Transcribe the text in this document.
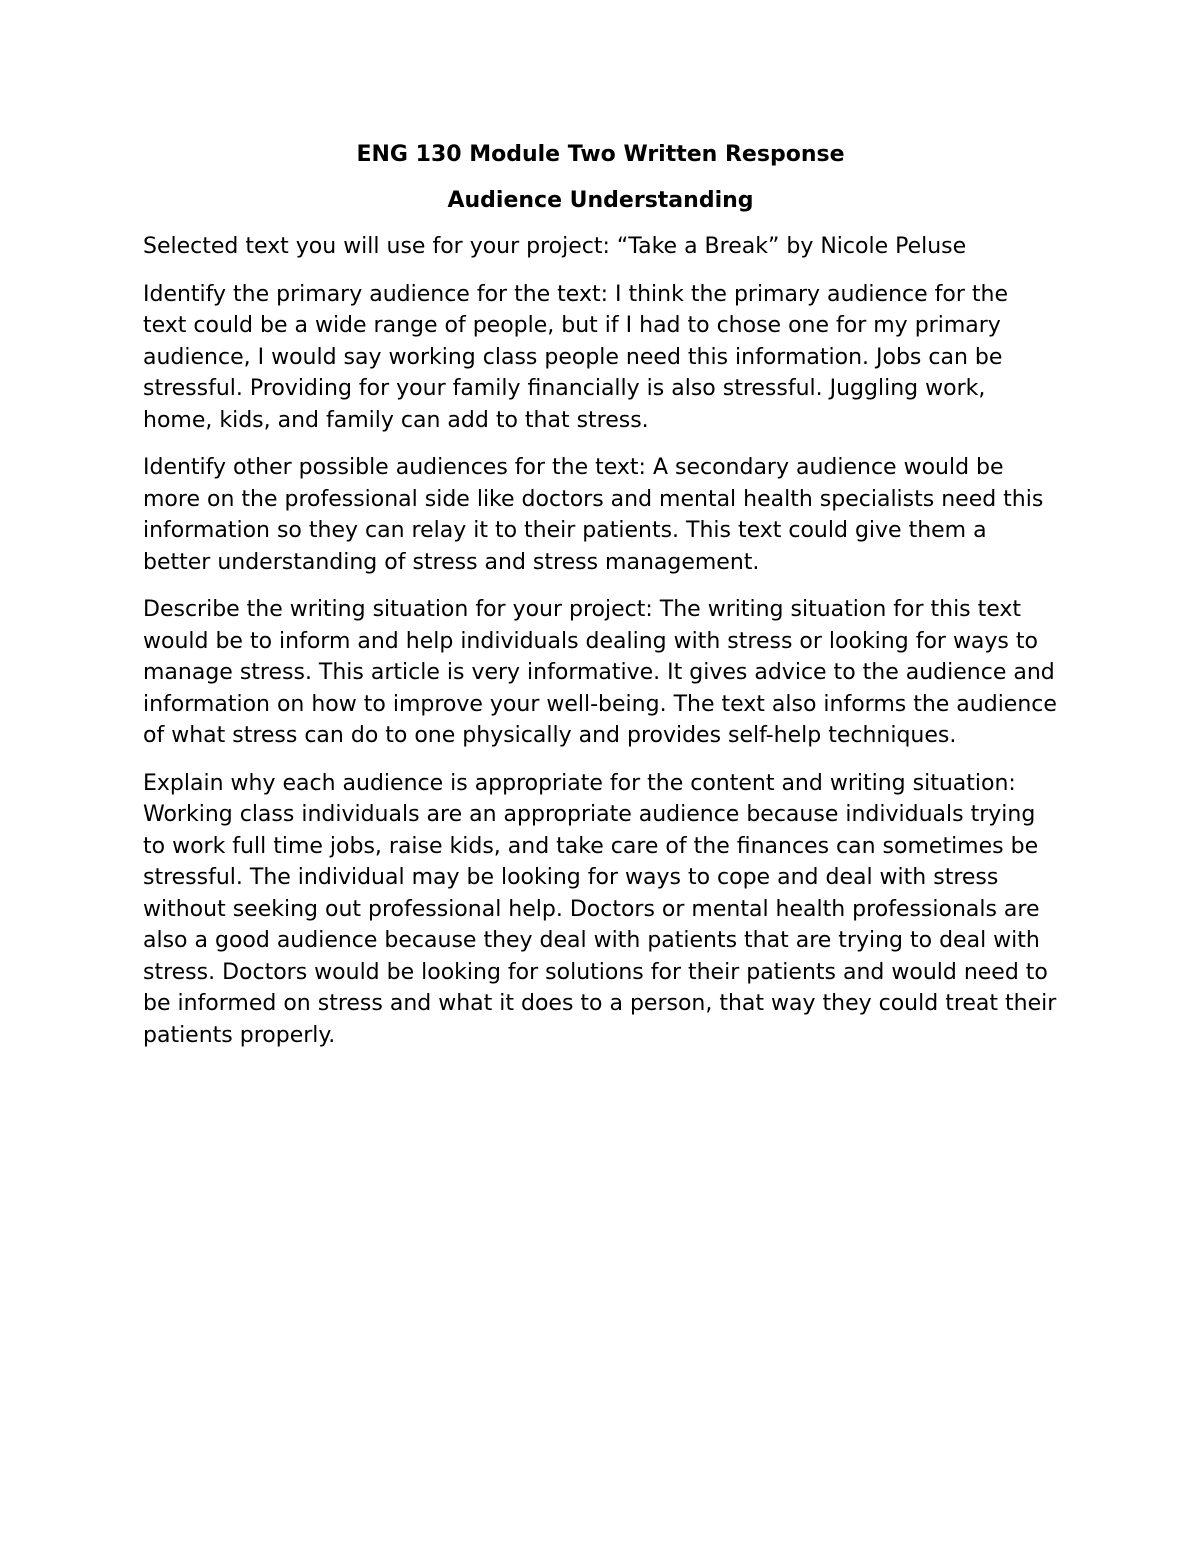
ENG 130 Module Two Written Response
Audience Understanding

Selected text you will use for your project: “Take a Break” by Nicole Peluse

Identify the primary audience for the text: I think the primary audience for the text could be a wide range of people, but if I had to chose one for my primary audience, I would say working class people need this information. Jobs can be stressful. Providing for your family financially is also stressful. Juggling work, home, kids, and family can add to that stress.

Identify other possible audiences for the text: A secondary audience would be more on the professional side like doctors and mental health specialists need this information so they can relay it to their patients. This text could give them a better understanding of stress and stress management.

Describe the writing situation for your project: The writing situation for this text would be to inform and help individuals dealing with stress or looking for ways to manage stress. This article is very informative. It gives advice to the audience and information on how to improve your well-being. The text also informs the audience of what stress can do to one physically and provides self-help techniques.

Explain why each audience is appropriate for the content and writing situation: Working class individuals are an appropriate audience because individuals trying to work full time jobs, raise kids, and take care of the finances can sometimes be stressful. The individual may be looking for ways to cope and deal with stress without seeking out professional help. Doctors or mental health professionals are also a good audience because they deal with patients that are trying to deal with stress. Doctors would be looking for solutions for their patients and would need to be informed on stress and what it does to a person, that way they could treat their patients properly.
